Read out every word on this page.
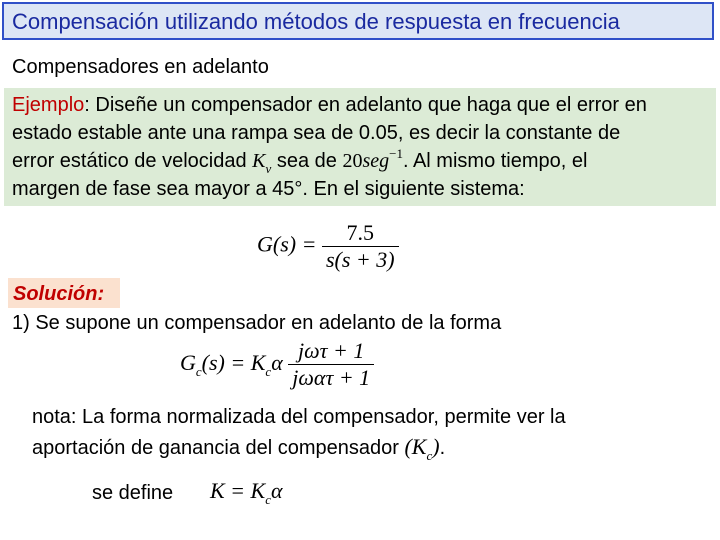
Compensación utilizando métodos de respuesta en frecuencia
Compensadores en adelanto
Ejemplo: Diseñe un compensador en adelanto que haga que el error en
estado estable ante una rampa sea de 0.05, es decir la constante de
error estático de velocidad $K_v$ sea de 20seg$^{-1}$. Al mismo tiempo, el
margen de fase sea mayor a 45°. En el siguiente sistema:
$G(s) = \frac{7.5}{s(s + 3)}$
Solución:
1) Se supone un compensador en adelanto de la forma
$G_c(s) = K_c\alpha \frac{\text{jωτ + 1}}{\text{jωατ + 1}}$
nota: La forma normalizada del compensador, permite ver la
aportación de ganancia del compensador $(K_c)$.
se define $K = K_c\alpha$
